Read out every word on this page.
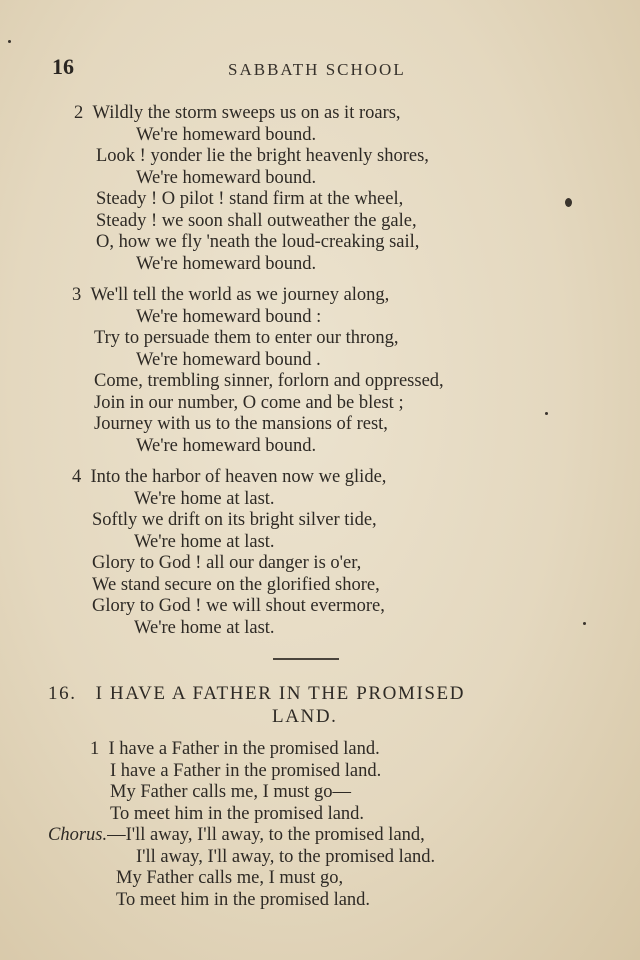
16	SABBATH SCHOOL
2 Wildly the storm sweeps us on as it roars,
We're homeward bound.
Look ! yonder lie the bright heavenly shores,
We're homeward bound.
Steady ! O pilot ! stand firm at the wheel,
Steady ! we soon shall outweather the gale,
O, how we fly 'neath the loud-creaking sail,
We're homeward bound.
3 We'll tell the world as we journey along,
We're homeward bound :
Try to persuade them to enter our throng,
We're homeward bound .
Come, trembling sinner, forlorn and oppressed,
Join in our number, O come and be blest ;
Journey with us to the mansions of rest,
We're homeward bound.
4 Into the harbor of heaven now we glide,
We're home at last.
Softly we drift on its bright silver tide,
We're home at last.
Glory to God ! all our danger is o'er,
We stand secure on the glorified shore,
Glory to God ! we will shout evermore,
We're home at last.
16. I HAVE A FATHER IN THE PROMISED
LAND.
1 I have a Father in the promised land.
I have a Father in the promised land.
My Father calls me, I must go—
To meet him in the promised land.
Chorus.—I'll away, I'll away, to the promised land,
I'll away, I'll away, to the promised land.
My Father calls me, I must go,
To meet him in the promised land.
